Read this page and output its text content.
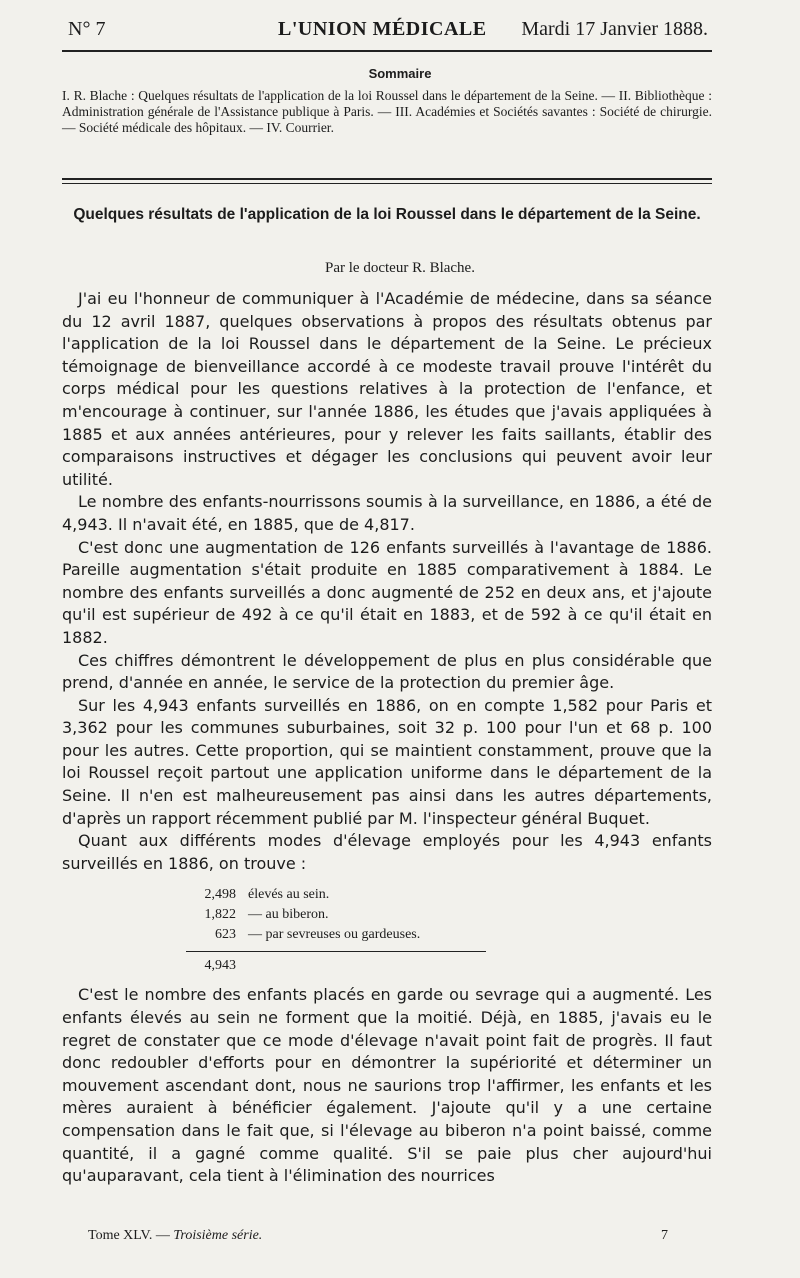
N° 7	L'UNION MÉDICALE Mardi 17 Janvier 1888.
Sommaire

I. R. Blache : Quelques résultats de l'application de la loi Roussel dans le département de la Seine. — II. Bibliothèque : Administration générale de l'Assistance publique à Paris. — III. Académies et Sociétés savantes : Société de chirurgie. — Société médicale des hôpitaux. — IV. Courrier.

Quelques résultats de l'application de la loi Roussel dans le département de la Seine.
Par le docteur R. Blache.

J'ai eu l'honneur de communiquer à l'Académie de médecine, dans sa séance du 12 avril 1887, quelques observations à propos des résultats obtenus par l'application de la loi Roussel dans le département de la Seine. Le précieux témoignage de bienveillance accordé à ce modeste travail prouve l'intérêt du corps médical pour les questions relatives à la protection de l'enfance, et m'encourage à continuer, sur l'année 1886, les études que j'avais appliquées à 1885 et aux années antérieures, pour y relever les faits saillants, établir des comparaisons instructives et dégager les conclusions qui peuvent avoir leur utilité.

Le nombre des enfants-nourrissons soumis à la surveillance, en 1886, a été de 4,943. Il n'avait été, en 1885, que de 4,817.

C'est donc une augmentation de 126 enfants surveillés à l'avantage de 1886. Pareille augmentation s'était produite en 1885 comparativement à 1884. Le nombre des enfants surveillés a donc augmenté de 252 en deux ans, et j'ajoute qu'il est supérieur de 492 à ce qu'il était en 1883, et de 592 à ce qu'il était en 1882.

Ces chiffres démontrent le développement de plus en plus considérable que prend, d'année en année, le service de la protection du premier âge.

Sur les 4,943 enfants surveillés en 1886, on en compte 1,582 pour Paris et 3,362 pour les communes suburbaines, soit 32 p. 100 pour l'un et 68 p. 100 pour les autres. Cette proportion, qui se maintient constamment, prouve que la loi Roussel reçoit partout une application uniforme dans le département de la Seine. Il n'en est malheureusement pas ainsi dans les autres départements, d'après un rapport récemment publié par M. l'inspecteur général Buquet.

Quant aux différents modes d'élevage employés pour les 4,943 enfants surveillés en 1886, on trouve :

2,498 élevés au sein.
1,822 — au biberon.
623 — par sevreuses ou gardeuses.
4,943

C'est le nombre des enfants placés en garde ou sevrage qui a augmenté. Les enfants élevés au sein ne forment que la moitié. Déjà, en 1885, j'avais eu le regret de constater que ce mode d'élevage n'avait point fait de progrès. Il faut donc redoubler d'efforts pour en démontrer la supériorité et déterminer un mouvement ascendant dont, nous ne saurions trop l'affirmer, les enfants et les mères auraient à bénéficier également. J'ajoute qu'il y a une certaine compensation dans le fait que, si l'élevage au biberon n'a point baissé, comme quantité, il a gagné comme qualité. S'il se paie plus cher aujourd'hui qu'auparavant, cela tient à l'élimination des nourrices

Tome XLV. — Troisième série.	7
